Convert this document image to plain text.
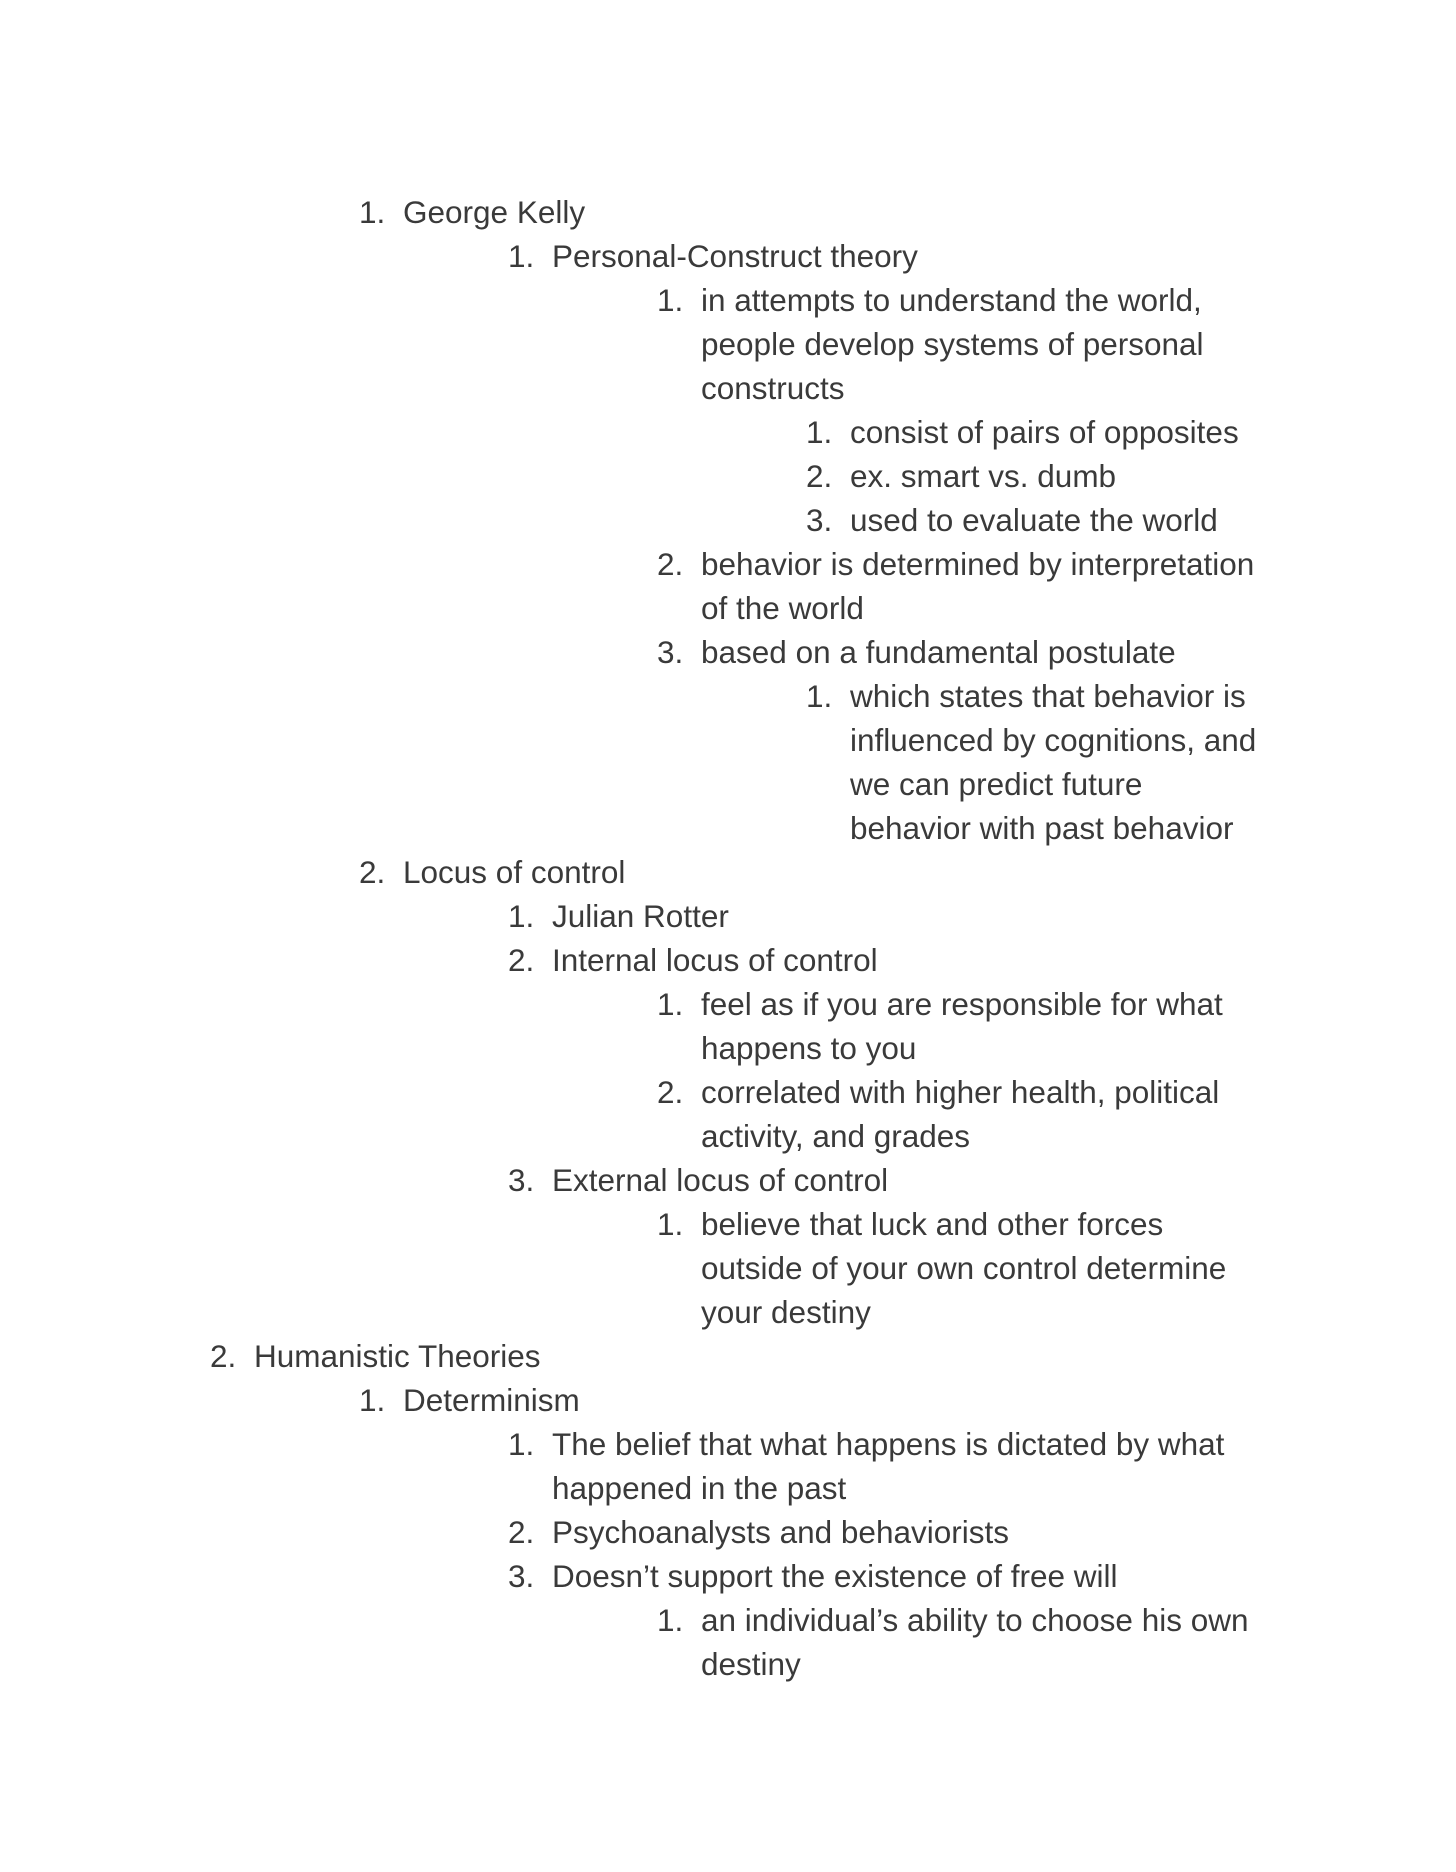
1. George Kelly
1. Personal-Construct theory
1. in attempts to understand the world,
people develop systems of personal
constructs
1. consist of pairs of opposites
2. ex. smart vs. dumb
3. used to evaluate the world
2. behavior is determined by interpretation
of the world
3. based on a fundamental postulate
1. which states that behavior is
influenced by cognitions, and
we can predict future
behavior with past behavior
2. Locus of control
1. Julian Rotter
2. Internal locus of control
1. feel as if you are responsible for what
happens to you
2. correlated with higher health, political
activity, and grades
3. External locus of control
1. believe that luck and other forces
outside of your own control determine
your destiny
2. Humanistic Theories
1. Determinism
1. The belief that what happens is dictated by what
happened in the past
2. Psychoanalysts and behaviorists
3. Doesn’t support the existence of free will
1. an individual’s ability to choose his own
destiny
